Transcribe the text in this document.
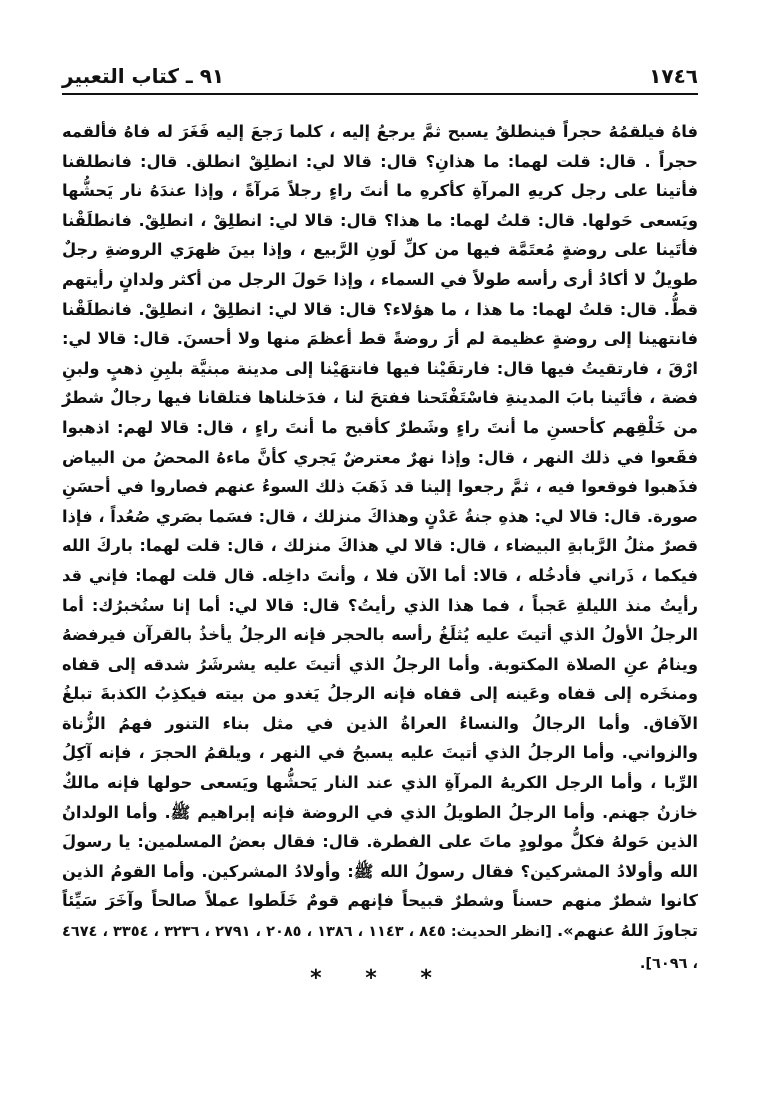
١٧٤٦
٩١ ـ كتاب التعبير
فاهُ فيلقمُهُ حجراً فينطلقُ يسبح ثمَّ يرجعُ إليه ، كلما رَجعَ إليه فَغَرَ له فاهُ فألقمه حجراً . قال: قلت لهما: ما هذانِ؟ قال: قالا لي: انطلِقْ انطلق. قال: فانطلقنا فأتينا على رجل كريهِ المرآةِ كأكرهِ ما أنتَ راءٍ رجلاً مَرآةً ، وإذا عندَهُ نار يَحشُّها ويَسعى حَولها. قال: قلتُ لهما: ما هذا؟ قال: قالا لي: انطلِقْ ، انطلِقْ. فانطلَقْنا فأتَينا على روضةٍ مُعتَمَّة فيها من كلِّ لَونِ الرَّبيع ، وإذا بينَ ظهرَي الروضةِ رجلٌ طويلٌ لا أكادُ أرى رأسه طولاً في السماء ، وإذا حَولَ الرجل من أكثر ولدانٍ رأيتهم قطُّ. قال: قلتُ لهما: ما هذا ، ما هؤلاء؟ قال: قالا لي: انطلِقْ ، انطلِقْ. فانطلَقْنا فانتهينا إلى روضةٍ عظيمة لم أرَ روضةً قط أعظمَ منها ولا أحسنَ. قال: قالا لي: ارْقَ ، فارتقيتُ فيها قال: فارتقَيْنا فيها فانتهَيْنا إلى مدينة مبنيَّة بلبِنِ ذهبٍ ولبنِ فضة ، فأتَينا بابَ المدينةِ فاسْتَفْتَحنا ففتحَ لنا ، فدَخلناها فتلقانا فيها رجالٌ شطرٌ من خَلْقِهم كأحسنِ ما أنتَ راءٍ وشَطرٌ كأقبح ما أنتَ راءٍ ، قال: قالا لهم: اذهبوا فقَعوا في ذلك النهر ، قال: وإذا نهرٌ معترضٌ يَجري كأنَّ ماءهُ المحضُ من البياض فذَهبوا فوقعوا فيه ، ثمَّ رجعوا إلينا قد ذَهَبَ ذلك السوءُ عنهم فصاروا في أحسَنِ صورة. قال: قالا لي: هذهِ جنةُ عَدْنٍ وهذاكَ منزلك ، قال: فسَما بصَري صُعُداً ، فإذا قصرٌ مثلُ الرَّبابةِ البيضاء ، قال: قالا لي هذاكَ منزلك ، قال: قلت لهما: باركَ الله فيكما ، ذَراني فأدخُله ، قالا: أما الآن فلا ، وأنتَ داخِله. قال قلت لهما: فإني قد رأيتُ منذ الليلةِ عَجباً ، فما هذا الذي رأيتُ؟ قال: قالا لي: أما إنا سنُخبرُك: أما الرجلُ الأولُ الذي أتيتَ عليه يُثلَغُ رأسه بالحجر فإنه الرجلُ يأخذُ بالقرآن فيرفضهُ وينامُ عنِ الصلاة المكتوبة. وأما الرجلُ الذي أتيتَ عليه يشرشَرُ شدقه إلى قفاه ومنخَره إلى قفاه وعَينه إلى قفاه فإنه الرجلُ يَغدو من بيته فيكذِبُ الكذبةَ تبلغُ الآفاق. وأما الرجالُ والنساءُ العراةُ الذين في مثل بناء التنور فهمُ الزُّناة والزواني. وأما الرجلُ الذي أتيتَ عليه يسبحُ في النهر ، ويلقمُ الحجرَ ، فإنه آكِلُ الرِّبا ، وأما الرجل الكريهُ المرآةِ الذي عند النار يَحشُّها ويَسعى حولها فإنه مالكٌ خازنُ جهنم. وأما الرجلُ الطويلُ الذي في الروضة فإنه إبراهيم ﷺ. وأما الولدانُ الذين حَولهُ فكلُّ مولودٍ ماتَ على الفطرة. قال: فقال بعضُ المسلمين: يا رسولَ الله وأولادُ المشركين؟ فقال رسولُ الله ﷺ: وأولادُ المشركين. وأما القومُ الذين كانوا شطرٌ منهم حسناً وشطرٌ قبيحاً فإنهم قومٌ خَلَطوا عملاً صالحاً وآخَرَ سَيِّئاً تجاوزَ اللهُ عنهم». [انظر الحديث: ٨٤٥ ، ١١٤٣ ، ١٣٨٦ ، ٢٠٨٥ ، ٢٧٩١ ، ٣٢٣٦ ، ٣٣٥٤ ، ٤٦٧٤ ، ٦٠٩٦].
* * *
